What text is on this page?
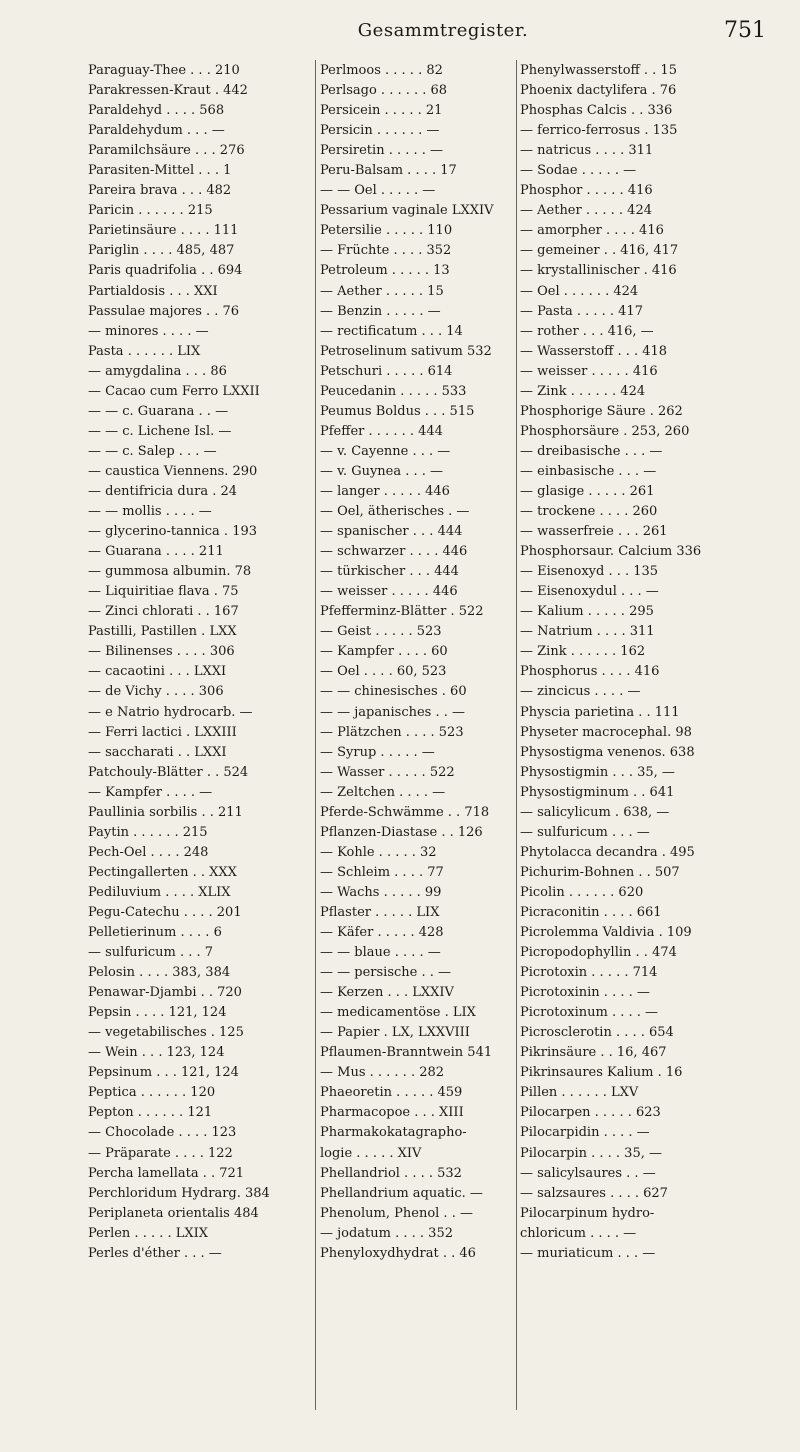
Gesammtregister.	751
Paraguay-Thee . . . 210
Parakressen-Kraut . 442
Paraldehyd . . . . 568
Paraldehydum . . . —
Paramilchsäure . . . 276
Parasiten-Mittel . . . 1
Pareira brava . . . 482
Paricin . . . . . . 215
Parietinsäure . . . . 111
Pariglin . . . . 485, 487
Paris quadrifolia . . 694
Partialdosis . . . XXI
Passulae majores . . 76
— minores . . . . —
Pasta . . . . . . LIX
— amygdalina . . . 86
— Cacao cum Ferro LXXII
— — c. Guarana . . —
— — c. Lichene Isl. —
— — c. Salep . . . —
— caustica Viennens. 290
— dentifricia dura . 24
— — mollis . . . . —
— glycerino-tannica . 193
— Guarana . . . . 211
— gummosa albumin. 78
— Liquiritiae flava . 75
— Zinci chlorati . . 167
Pastilli, Pastillen . LXX
— Bilinenses . . . . 306
— cacaotini . . . LXXI
— de Vichy . . . . 306
— e Natrio hydrocarb. —
— Ferri lactici . LXXIII
— saccharati . . LXXI
Patchouly-Blätter . . 524
— Kampfer . . . . —
Paullinia sorbilis . . 211
Paytin . . . . . . 215
Pech-Oel . . . . 248
Pectingallerten . . XXX
Pediluvium . . . . XLIX
Pegu-Catechu . . . . 201
Pelletierinum . . . . 6
— sulfuricum . . . 7
Pelosin . . . . 383, 384
Penawar-Djambi . . 720
Pepsin . . . . 121, 124
— vegetabilisches . 125
— Wein . . . 123, 124
Pepsinum . . . 121, 124
Peptica . . . . . . 120
Pepton . . . . . . 121
— Chocolade . . . . 123
— Präparate . . . . 122
Percha lamellata . . 721
Perchloridum Hydrarg. 384
Periplaneta orientalis 484
Perlen . . . . . LXIX
Perles d'éther . . . —
Perlmoos . . . . . 82
Perlsago . . . . . . 68
Persicein . . . . . 21
Persicin . . . . . . —
Persiretin . . . . . —
Peru-Balsam . . . . 17
— — Oel . . . . . —
Pessarium vaginale LXXIV
Petersilie . . . . . 110
— Früchte . . . . 352
Petroleum . . . . . 13
— Aether . . . . . 15
— Benzin . . . . . —
— rectificatum . . . 14
Petroselinum sativum 532
Petschuri . . . . . 614
Peucedanin . . . . . 533
Peumus Boldus . . . 515
Pfeffer . . . . . . 444
— v. Cayenne . . . —
— v. Guynea . . . —
— langer . . . . . 446
— Oel, ätherisches . —
— spanischer . . . 444
— schwarzer . . . . 446
— türkischer . . . 444
— weisser . . . . . 446
Pfefferminz-Blätter . 522
— Geist . . . . . 523
— Kampfer . . . . 60
— Oel . . . . 60, 523
— — chinesisches . 60
— — japanisches . . —
— Plätzchen . . . . 523
— Syrup . . . . . —
— Wasser . . . . . 522
— Zeltchen . . . . —
Pferde-Schwämme . . 718
Pflanzen-Diastase . . 126
— Kohle . . . . . 32
— Schleim . . . . 77
— Wachs . . . . . 99
Pflaster . . . . . LIX
— Käfer . . . . . 428
— — blaue . . . . —
— — persische . . —
— Kerzen . . . LXXIV
— medicamentöse . LIX
— Papier . LX, LXXVIII
Pflaumen-Branntwein 541
— Mus . . . . . . 282
Phaeoretin . . . . . 459
Pharmacopoe . . . XIII
Pharmakokatagrapho-
logie . . . . . XIV
Phellandriol . . . . 532
Phellandrium aquatic. —
Phenolum, Phenol . . —
— jodatum . . . . 352
Phenyloxydhydrat . . 46
Phenylwasserstoff . . 15
Phoenix dactylifera . 76
Phosphas Calcis . . 336
— ferrico-ferrosus . 135
— natricus . . . . 311
— Sodae . . . . . —
Phosphor . . . . . 416
— Aether . . . . . 424
— amorpher . . . . 416
— gemeiner . . 416, 417
— krystallinischer . 416
— Oel . . . . . . 424
— Pasta . . . . . 417
— rother . . . 416, —
— Wasserstoff . . . 418
— weisser . . . . . 416
— Zink . . . . . . 424
Phosphorige Säure . 262
Phosphorsäure . 253, 260
— dreibasische . . . —
— einbasische . . . —
— glasige . . . . . 261
— trockene . . . . 260
— wasserfreie . . . 261
Phosphorsaur. Calcium 336
— Eisenoxyd . . . 135
— Eisenoxydul . . . —
— Kalium . . . . . 295
— Natrium . . . . 311
— Zink . . . . . . 162
Phosphorus . . . . 416
— zincicus . . . . —
Physcia parietina . . 111
Physeter macrocephal. 98
Physostigma venenos. 638
Physostigmin . . . 35, —
Physostigminum . . 641
— salicylicum . 638, —
— sulfuricum . . . —
Phytolacca decandra . 495
Pichurim-Bohnen . . 507
Picolin . . . . . . 620
Picraconitin . . . . 661
Picrolemma Valdivia . 109
Picropodophyllin . . 474
Picrotoxin . . . . . 714
Picrotoxinin . . . . —
Picrotoxinum . . . . —
Picrosclerotin . . . . 654
Pikrinsäure . . 16, 467
Pikrinsaures Kalium . 16
Pillen . . . . . . LXV
Pilocarpen . . . . . 623
Pilocarpidin . . . . —
Pilocarpin . . . . 35, —
— salicylsaures . . —
— salzsaures . . . . 627
Pilocarpinum hydro-
chloricum . . . . —
— muriaticum . . . —
